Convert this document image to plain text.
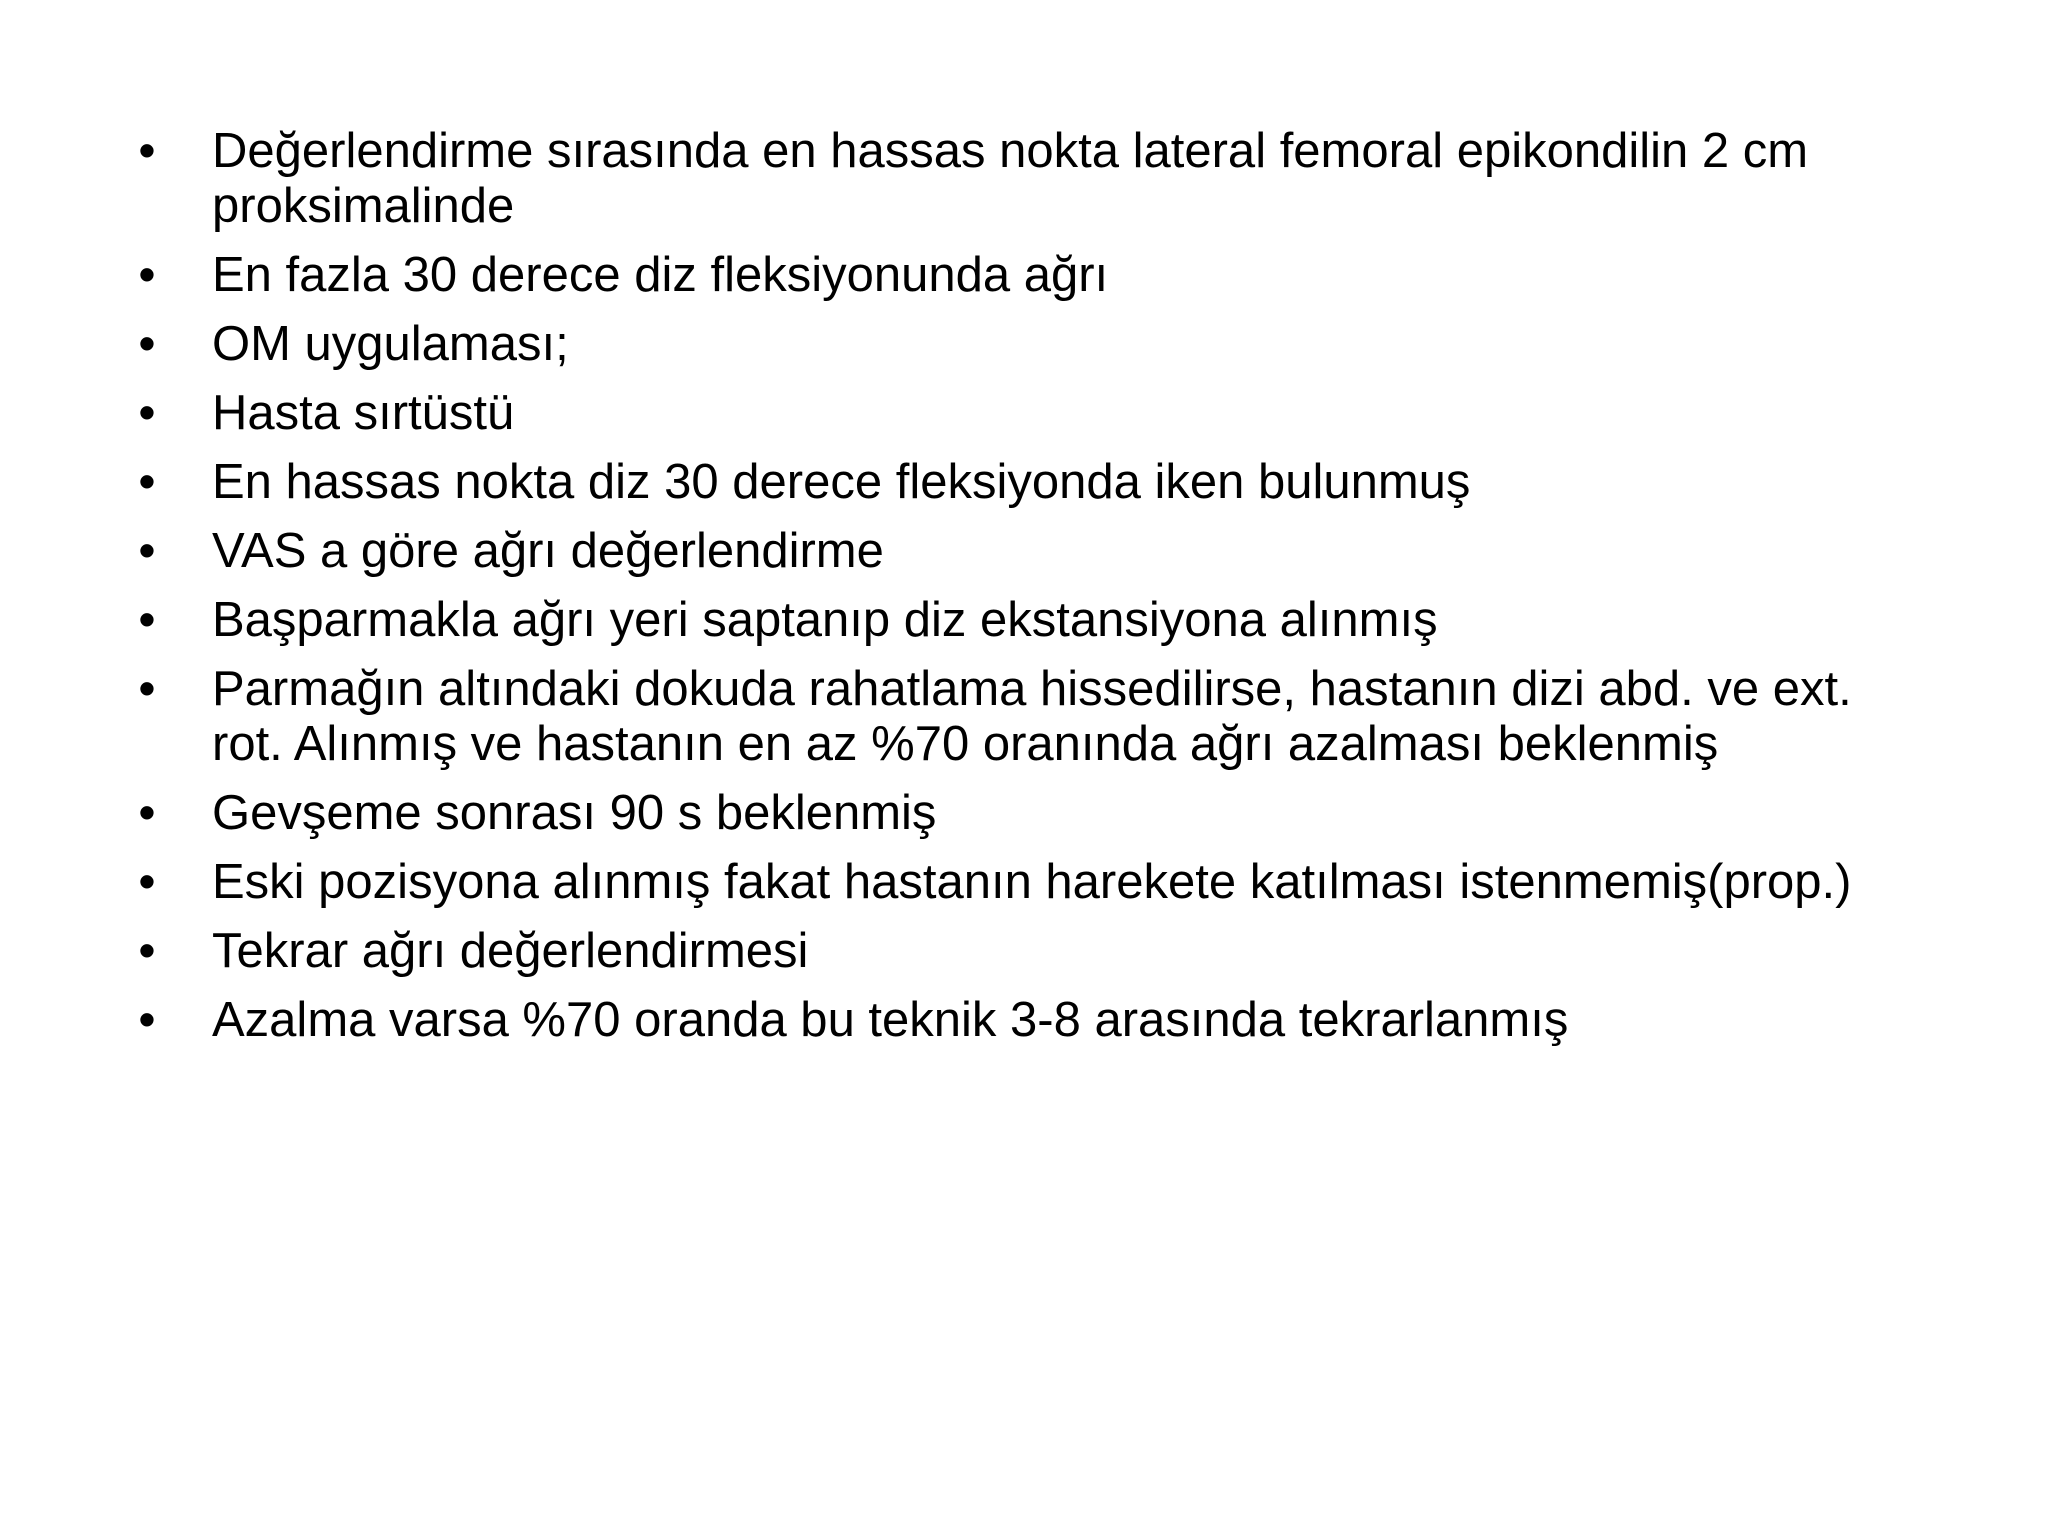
• Değerlendirme sırasında en hassas nokta lateral femoral epikondilin 2 cm proksimalinde
• En fazla 30 derece diz fleksiyonunda ağrı
• OM uygulaması;
• Hasta sırtüstü
• En hassas nokta diz 30 derece fleksiyonda iken bulunmuş
• VAS a göre ağrı değerlendirme
• Başparmakla ağrı yeri saptanıp diz ekstansiyona alınmış
• Parmağın altındaki dokuda rahatlama hissedilirse, hastanın dizi abd. ve ext. rot. Alınmış ve hastanın en az %70 oranında ağrı azalması beklenmiş
• Gevşeme sonrası 90 s beklenmiş
• Eski pozisyona alınmış fakat hastanın harekete katılması istenmemiş(prop.)
• Tekrar ağrı değerlendirmesi
• Azalma varsa %70 oranda bu teknik 3-8 arasında tekrarlanmış
